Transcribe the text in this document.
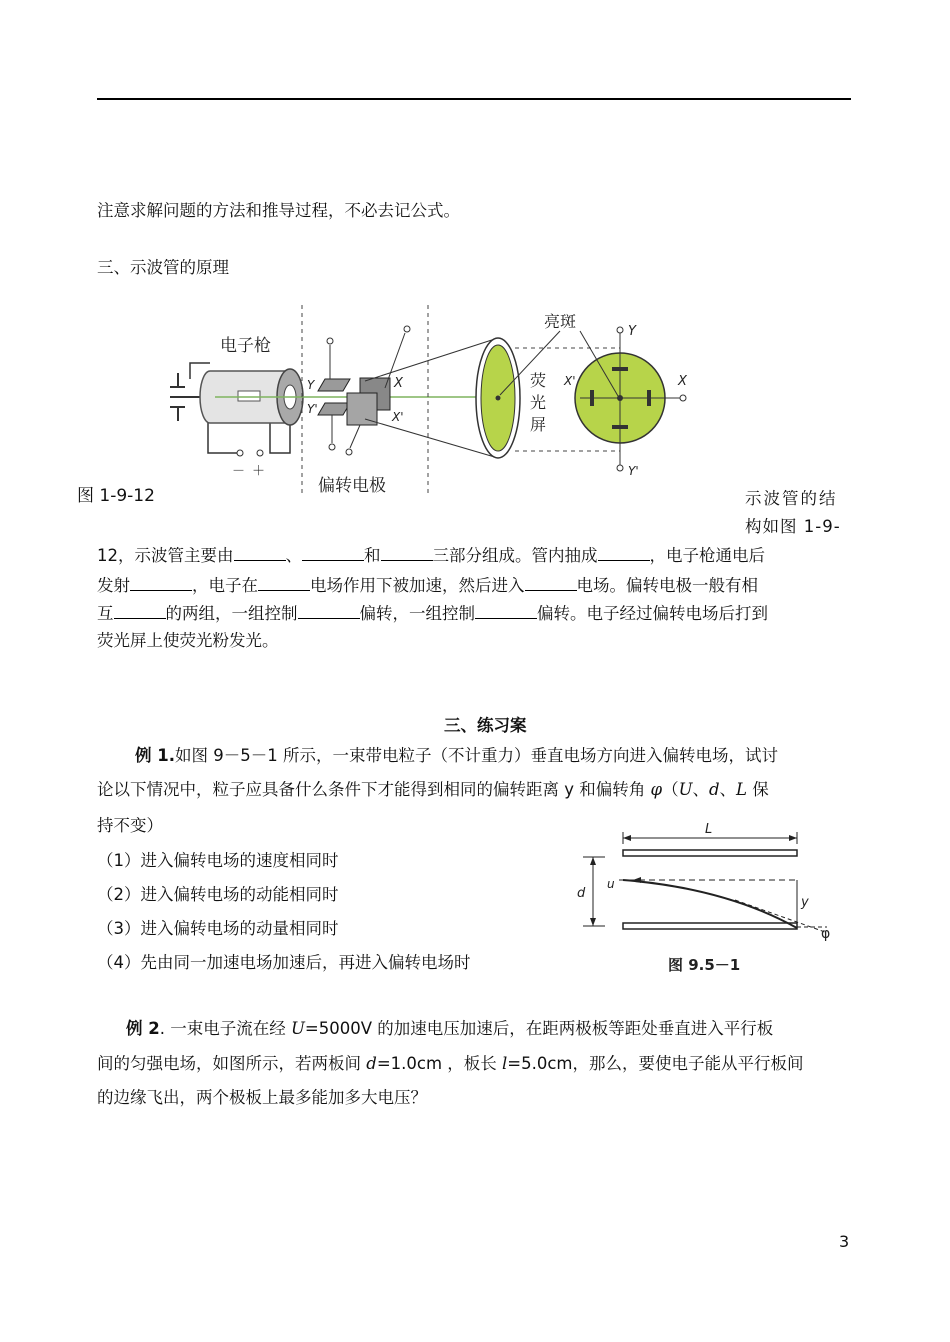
注意求解问题的方法和推导过程，不必去记公式。
三、示波管的原理
电子枪
偏转电极
亮斑
荧
光
屏
Y
Y'
X
X'
－ ＋
Y
Y'
X
X'
图 1-9-12	示波管的结
构如图 1-9-
12，示波管主要由	、	和	三部分组成。管内抽成	，电子枪通电后
发射	，电子在	电场作用下被加速，然后进入	电场。偏转电极一般有相
互	的两组，一组控制	偏转，一组控制	偏转。电子经过偏转电场后打到
荧光屏上使荧光粉发光。
三、练习案
例 1.如图 9－5－1 所示，一束带电粒子（不计重力）垂直电场方向进入偏转电场，试讨
论以下情况中，粒子应具备什么条件下才能得到相同的偏转距离 y 和偏转角 φ（U、d、L 保
持不变）
（1）进入偏转电场的速度相同时
（2）进入偏转电场的动能相同时
（3）进入偏转电场的动量相同时
（4）先由同一加速电场加速后，再进入偏转电场时
L
d
u
y
φ
图 9.5－1
例 2. 一束电子流在经 U=5000V 的加速电压加速后，在距两极板等距处垂直进入平行板
间的匀强电场，如图所示，若两板间 d=1.0cm ，板长 l=5.0cm，那么，要使电子能从平行板间
的边缘飞出，两个极板上最多能加多大电压？
3
